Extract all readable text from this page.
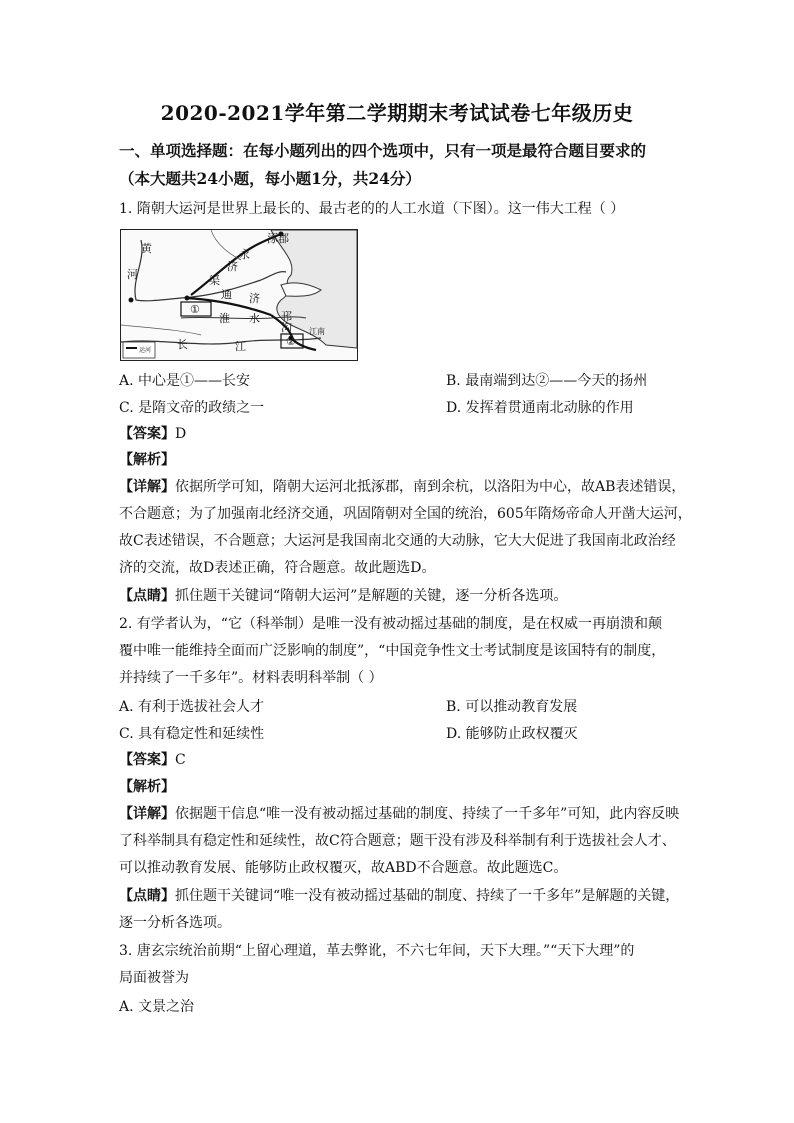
2020-2021学年第二学期期末考试试卷七年级历史
一、单项选择题：在每小题列出的四个选项中，只有一项是最符合题目要求的
（本大题共24小题，每小题1分，共24分）
1. 隋朝大运河是世界上最长的、最古老的的人工水道（下图）。这一伟大工程（ ）
涿郡
永
济
渠
通 济
淮 水
黄
河
长	江
邗
沟 江南
①
②
运河
A. 中心是①——长安	B. 最南端到达②——今天的扬州
C. 是隋文帝的政绩之一	D. 发挥着贯通南北动脉的作用
【答案】D
【解析】
【详解】依据所学可知，隋朝大运河北抵涿郡，南到余杭，以洛阳为中心，故AB表述错误，
不合题意；为了加强南北经济交通，巩固隋朝对全国的统治，605年隋炀帝命人开凿大运河，
故C表述错误，不合题意；大运河是我国南北交通的大动脉，它大大促进了我国南北政治经
济的交流，故D表述正确，符合题意。故此题选D。
【点睛】抓住题干关键词“隋朝大运河”是解题的关键，逐一分析各选项。
2. 有学者认为，“它（科举制）是唯一没有被动摇过基础的制度，是在权威一再崩溃和颠
覆中唯一能维持全面而广泛影响的制度”，“中国竞争性文士考试制度是该国特有的制度，
并持续了一千多年”。材料表明科举制（ ）
A. 有利于选拔社会人才	B. 可以推动教育发展
C. 具有稳定性和延续性	D. 能够防止政权覆灭
【答案】C
【解析】
【详解】依据题干信息“唯一没有被动摇过基础的制度、持续了一千多年”可知，此内容反映
了科举制具有稳定性和延续性，故C符合题意；题干没有涉及科举制有利于选拔社会人才、
可以推动教育发展、能够防止政权覆灭，故ABD不合题意。故此题选C。
【点睛】抓住题干关键词“唯一没有被动摇过基础的制度、持续了一千多年”是解题的关键，
逐一分析各选项。
3. 唐玄宗统治前期“上留心理道，革去弊讹，不六七年间，天下大理。”“天下大理”的
局面被誉为
A. 文景之治
